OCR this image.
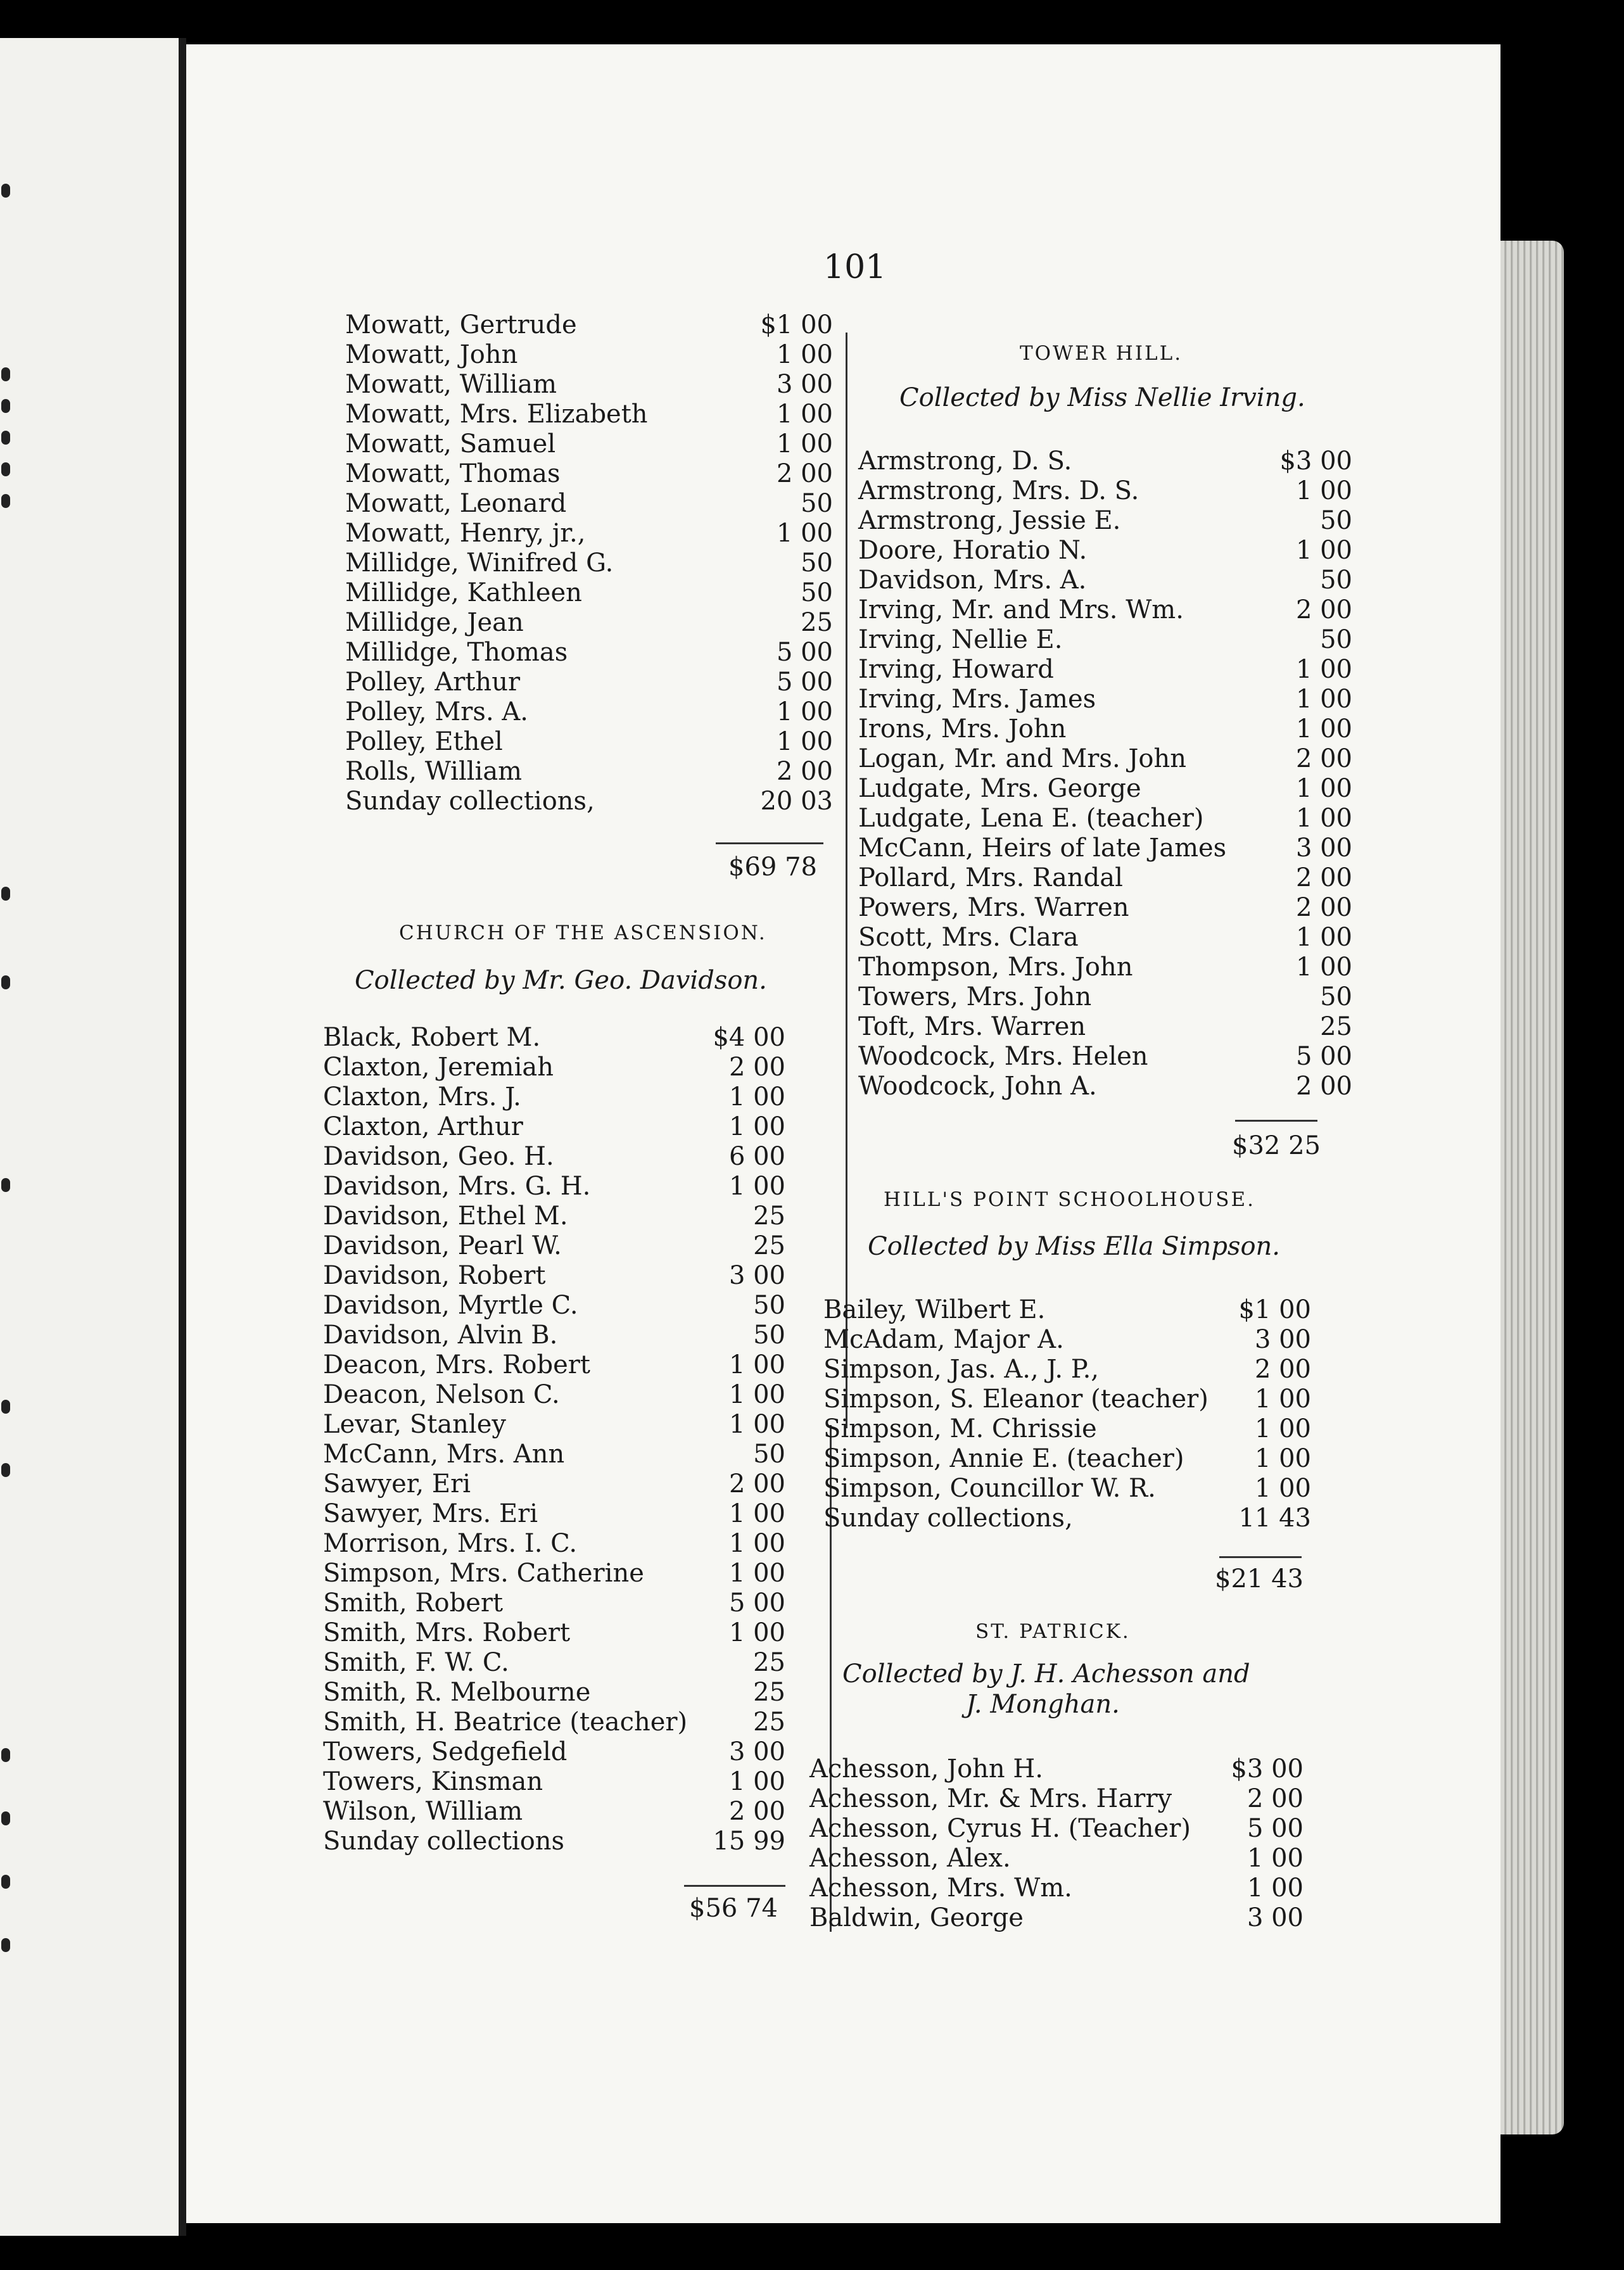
101
Mowatt, Gertrude	$1 00
Mowatt, John	1 00
Mowatt, William	3 00
Mowatt, Mrs. Elizabeth	1 00
Mowatt, Samuel	1 00
Mowatt, Thomas	2 00
Mowatt, Leonard	50
Mowatt, Henry, jr.,	1 00
Millidge, Winifred G.	50
Millidge, Kathleen	50
Millidge, Jean	25
Millidge, Thomas	5 00
Polley, Arthur	5 00
Polley, Mrs. A.	1 00
Polley, Ethel	1 00
Rolls, William	2 00
Sunday collections,	20 03
$69 78
CHURCH OF THE ASCENSION.
Collected by Mr. Geo. Davidson.
Black, Robert M.	$4 00
Claxton, Jeremiah	2 00
Claxton, Mrs. J.	1 00
Claxton, Arthur	1 00
Davidson, Geo. H.	6 00
Davidson, Mrs. G. H.	1 00
Davidson, Ethel M.	25
Davidson, Pearl W.	25
Davidson, Robert	3 00
Davidson, Myrtle C.	50
Davidson, Alvin B.	50
Deacon, Mrs. Robert	1 00
Deacon, Nelson C.	1 00
Levar, Stanley	1 00
McCann, Mrs. Ann	50
Sawyer, Eri	2 00
Sawyer, Mrs. Eri	1 00
Morrison, Mrs. I. C.	1 00
Simpson, Mrs. Catherine	1 00
Smith, Robert	5 00
Smith, Mrs. Robert	1 00
Smith, F. W. C.	25
Smith, R. Melbourne	25
Smith, H. Beatrice (teacher)	25
Towers, Sedgefield	3 00
Towers, Kinsman	1 00
Wilson, William	2 00
Sunday collections	15 99
$56 74
TOWER HILL.
Collected by Miss Nellie Irving.
Armstrong, D. S.	$3 00
Armstrong, Mrs. D. S.	1 00
Armstrong, Jessie E.	50
Doore, Horatio N.	1 00
Davidson, Mrs. A.	50
Irving, Mr. and Mrs. Wm.	2 00
Irving, Nellie E.	50
Irving, Howard	1 00
Irving, Mrs. James	1 00
Irons, Mrs. John	1 00
Logan, Mr. and Mrs. John	2 00
Ludgate, Mrs. George	1 00
Ludgate, Lena E. (teacher)	1 00
McCann, Heirs of late James	3 00
Pollard, Mrs. Randal	2 00
Powers, Mrs. Warren	2 00
Scott, Mrs. Clara	1 00
Thompson, Mrs. John	1 00
Towers, Mrs. John	50
Toft, Mrs. Warren	25
Woodcock, Mrs. Helen	5 00
Woodcock, John A.	2 00
$32 25
HILL'S POINT SCHOOLHOUSE.
Collected by Miss Ella Simpson.
Bailey, Wilbert E.	$1 00
McAdam, Major A.	3 00
Simpson, Jas. A., J. P.,	2 00
Simpson, S. Eleanor (teacher) 1 00
Simpson, M. Chrissie	1 00
Simpson, Annie E. (teacher)	1 00
Simpson, Councillor W. R.	1 00
Sunday collections,	11 43
$21 43
ST. PATRICK.
Collected by J. H. Achesson and
J. Monghan.
Achesson, John H.	$3 00
Achesson, Mr. & Mrs. Harry	2 00
Achesson, Cyrus H. (Teacher) 5 00
Achesson, Alex.	1 00
Achesson, Mrs. Wm.	1 00
Baldwin, George	3 00
